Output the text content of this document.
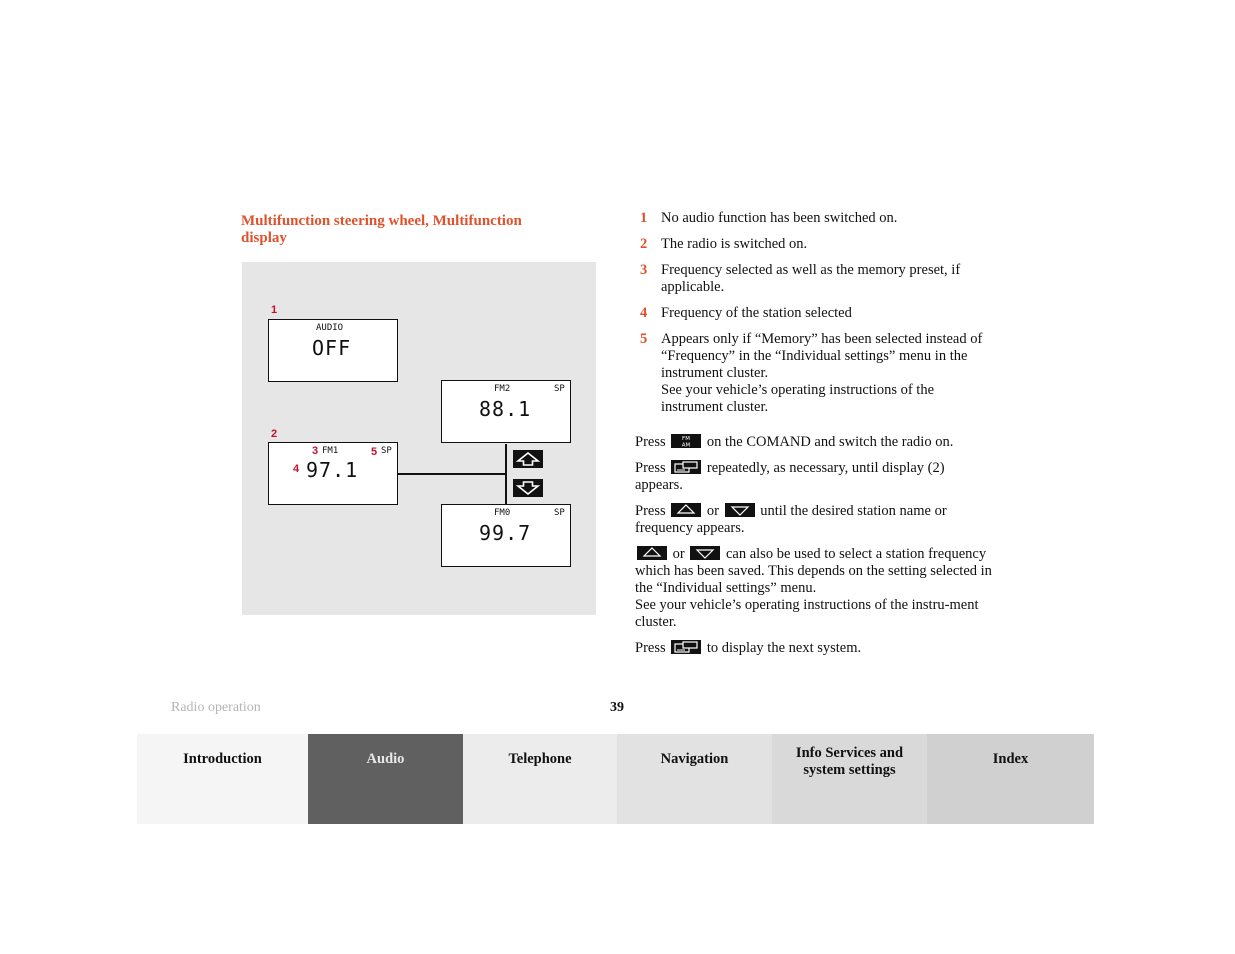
Multifunction steering wheel, Multifunction display
1
AUDIO
OFF
2
3 FM1	5 SP
4 97.1
FM2	SP
88.1
FM0	SP
99.7
1 No audio function has been switched on.
2 The radio is switched on.
3 Frequency selected as well as the memory preset, if applicable.
4 Frequency of the station selected
5 Appears only if “Memory” has been selected instead of “Frequency” in the “Individual settings” menu in the instrument cluster.
See your vehicle’s operating instructions of the instrument cluster.

Press	FM
AM on the COMAND and switch the radio on.

Press	repeatedly, as necessary, until display (2) appears.

Press	or	until the desired station name or frequency appears.

or	can also be used to select a station frequency which has been saved. This depends on the setting selected in the “Individual settings” menu.
See your vehicle’s operating instructions of the instru-ment cluster.

Press	to display the next system.

Radio operation	39
Introduction	Audio	Telephone	Navigation	Info Services and system settings
Index
